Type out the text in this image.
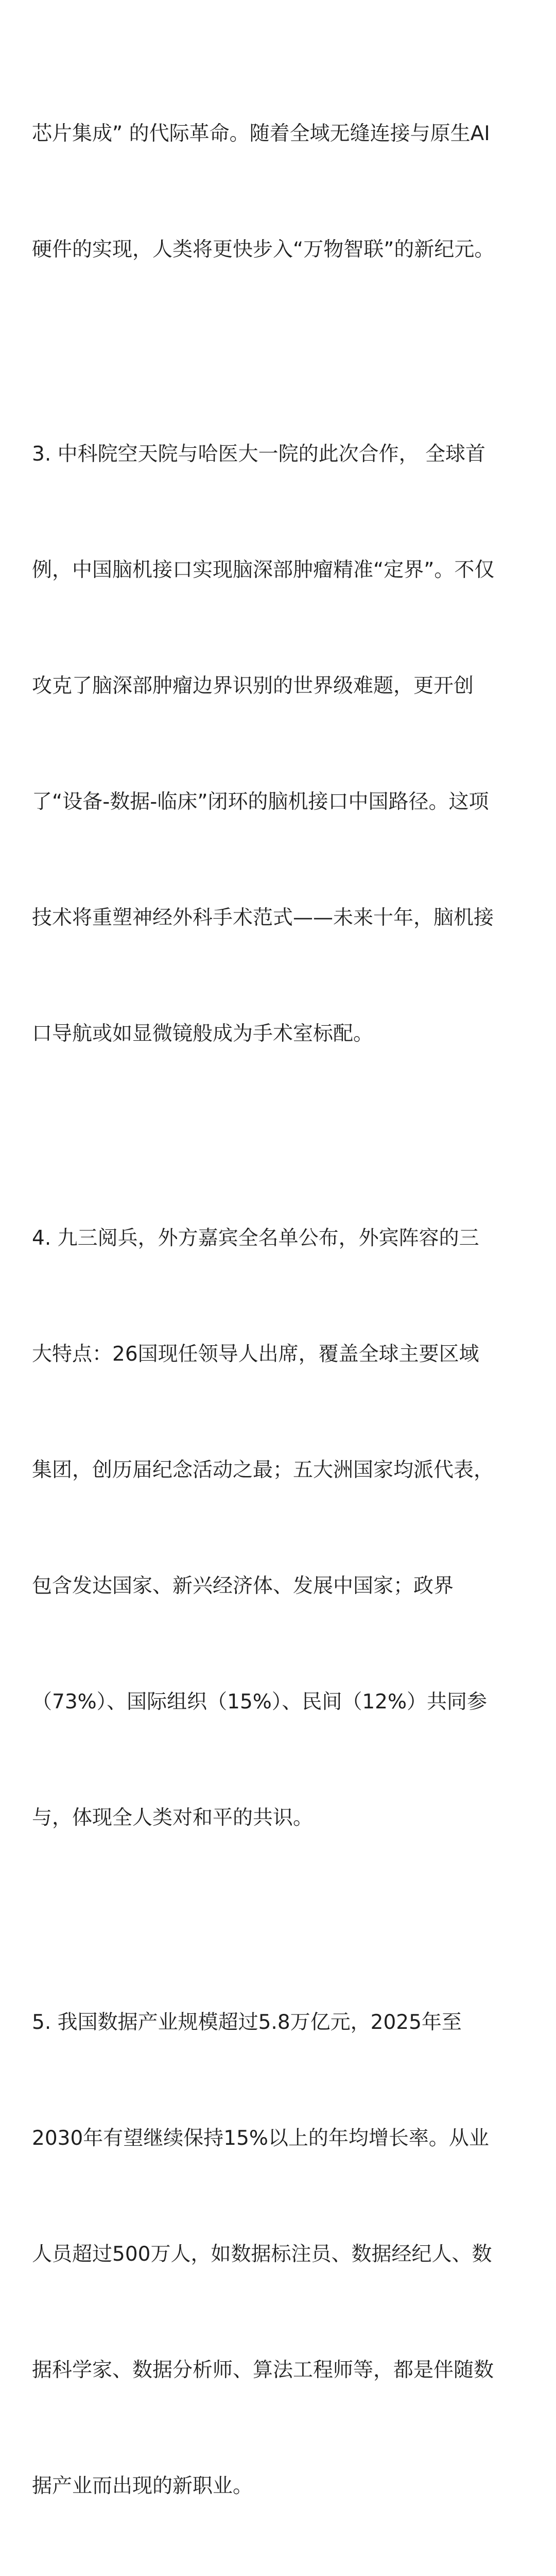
芯片集成” 的代际革命。随着全域无缝连接与原生AI

硬件的实现，人类将更快步入“万物智联”的新纪元。

3. 中科院空天院与哈医大一院的此次合作， 全球首

例，中国脑机接口实现脑深部肿瘤精准“定界”。不仅

攻克了脑深部肿瘤边界识别的世界级难题，更开创

了“设备-数据-临床”闭环的脑机接口中国路径。这项

技术将重塑神经外科手术范式——未来十年，脑机接

口导航或如显微镜般成为手术室标配。

4. 九三阅兵，外方嘉宾全名单公布，外宾阵容的三

大特点：26国现任领导人出席，覆盖全球主要区域

集团，创历届纪念活动之最；五大洲国家均派代表，

包含发达国家、新兴经济体、发展中国家；政界

（73%）、国际组织（15%）、民间（12%）共同参

与，体现全人类对和平的共识。

5. 我国数据产业规模超过5.8万亿元，2025年至

2030年有望继续保持15%以上的年均增长率。从业

人员超过500万人，如数据标注员、数据经纪人、数

据科学家、数据分析师、算法工程师等，都是伴随数

据产业而出现的新职业。
